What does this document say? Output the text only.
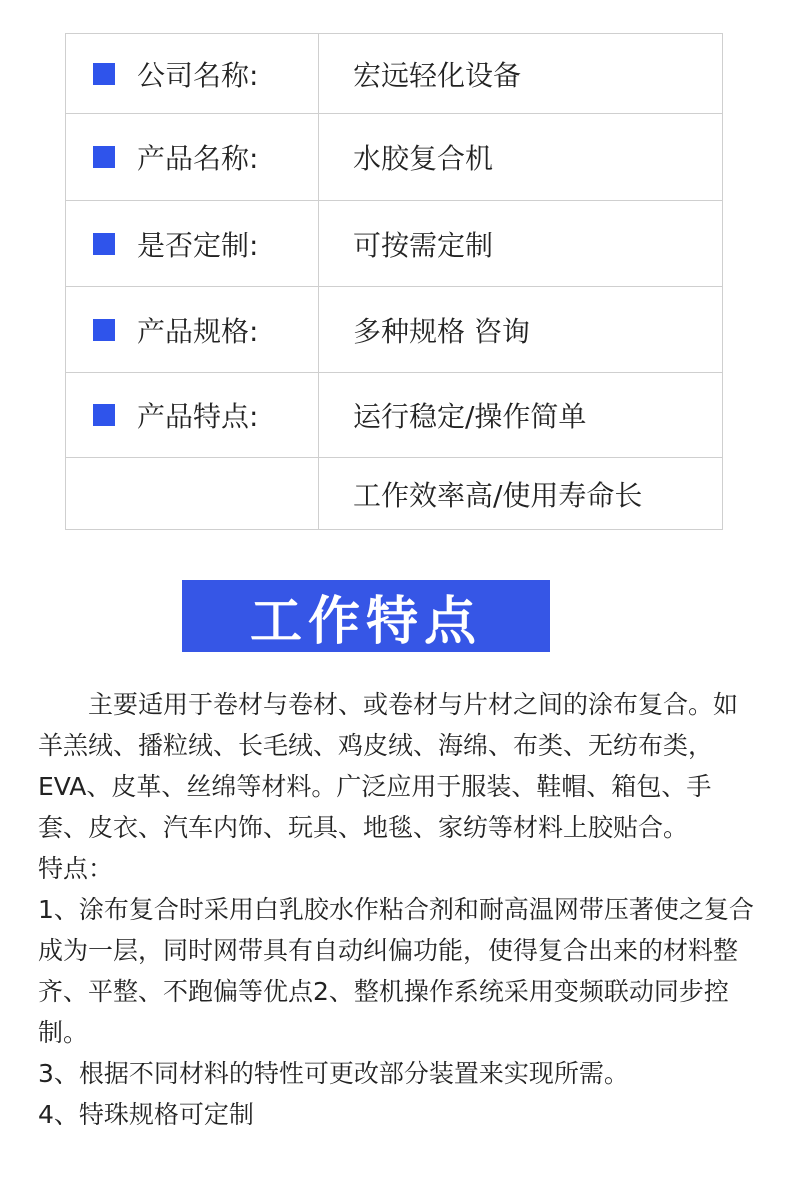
公司名称:	宏远轻化设备

产品名称:	水胶复合机

是否定制:	可按需定制

产品规格:	多种规格 咨询

产品特点:	运行稳定/操作简单
	工作效率高/使用寿命长
工作特点

主要适用于卷材与卷材、或卷材与片材之间的涂布复合。如羊羔绒、播粒绒、长毛绒、鸡皮绒、海绵、布类、无纺布类，EVA、皮革、丝绵等材料。广泛应用于服装、鞋帽、箱包、手套、皮衣、汽车内饰、玩具、地毯、家纺等材料上胶贴合。

特点：

1、涂布复合时采用白乳胶水作粘合剂和耐高温网带压著使之复合成为一层，同时网带具有自动纠偏功能，使得复合出来的材料整齐、平整、不跑偏等优点2、整机操作系统采用变频联动同步控制。

3、根据不同材料的特性可更改部分装置来实现所需。

4、特珠规格可定制
